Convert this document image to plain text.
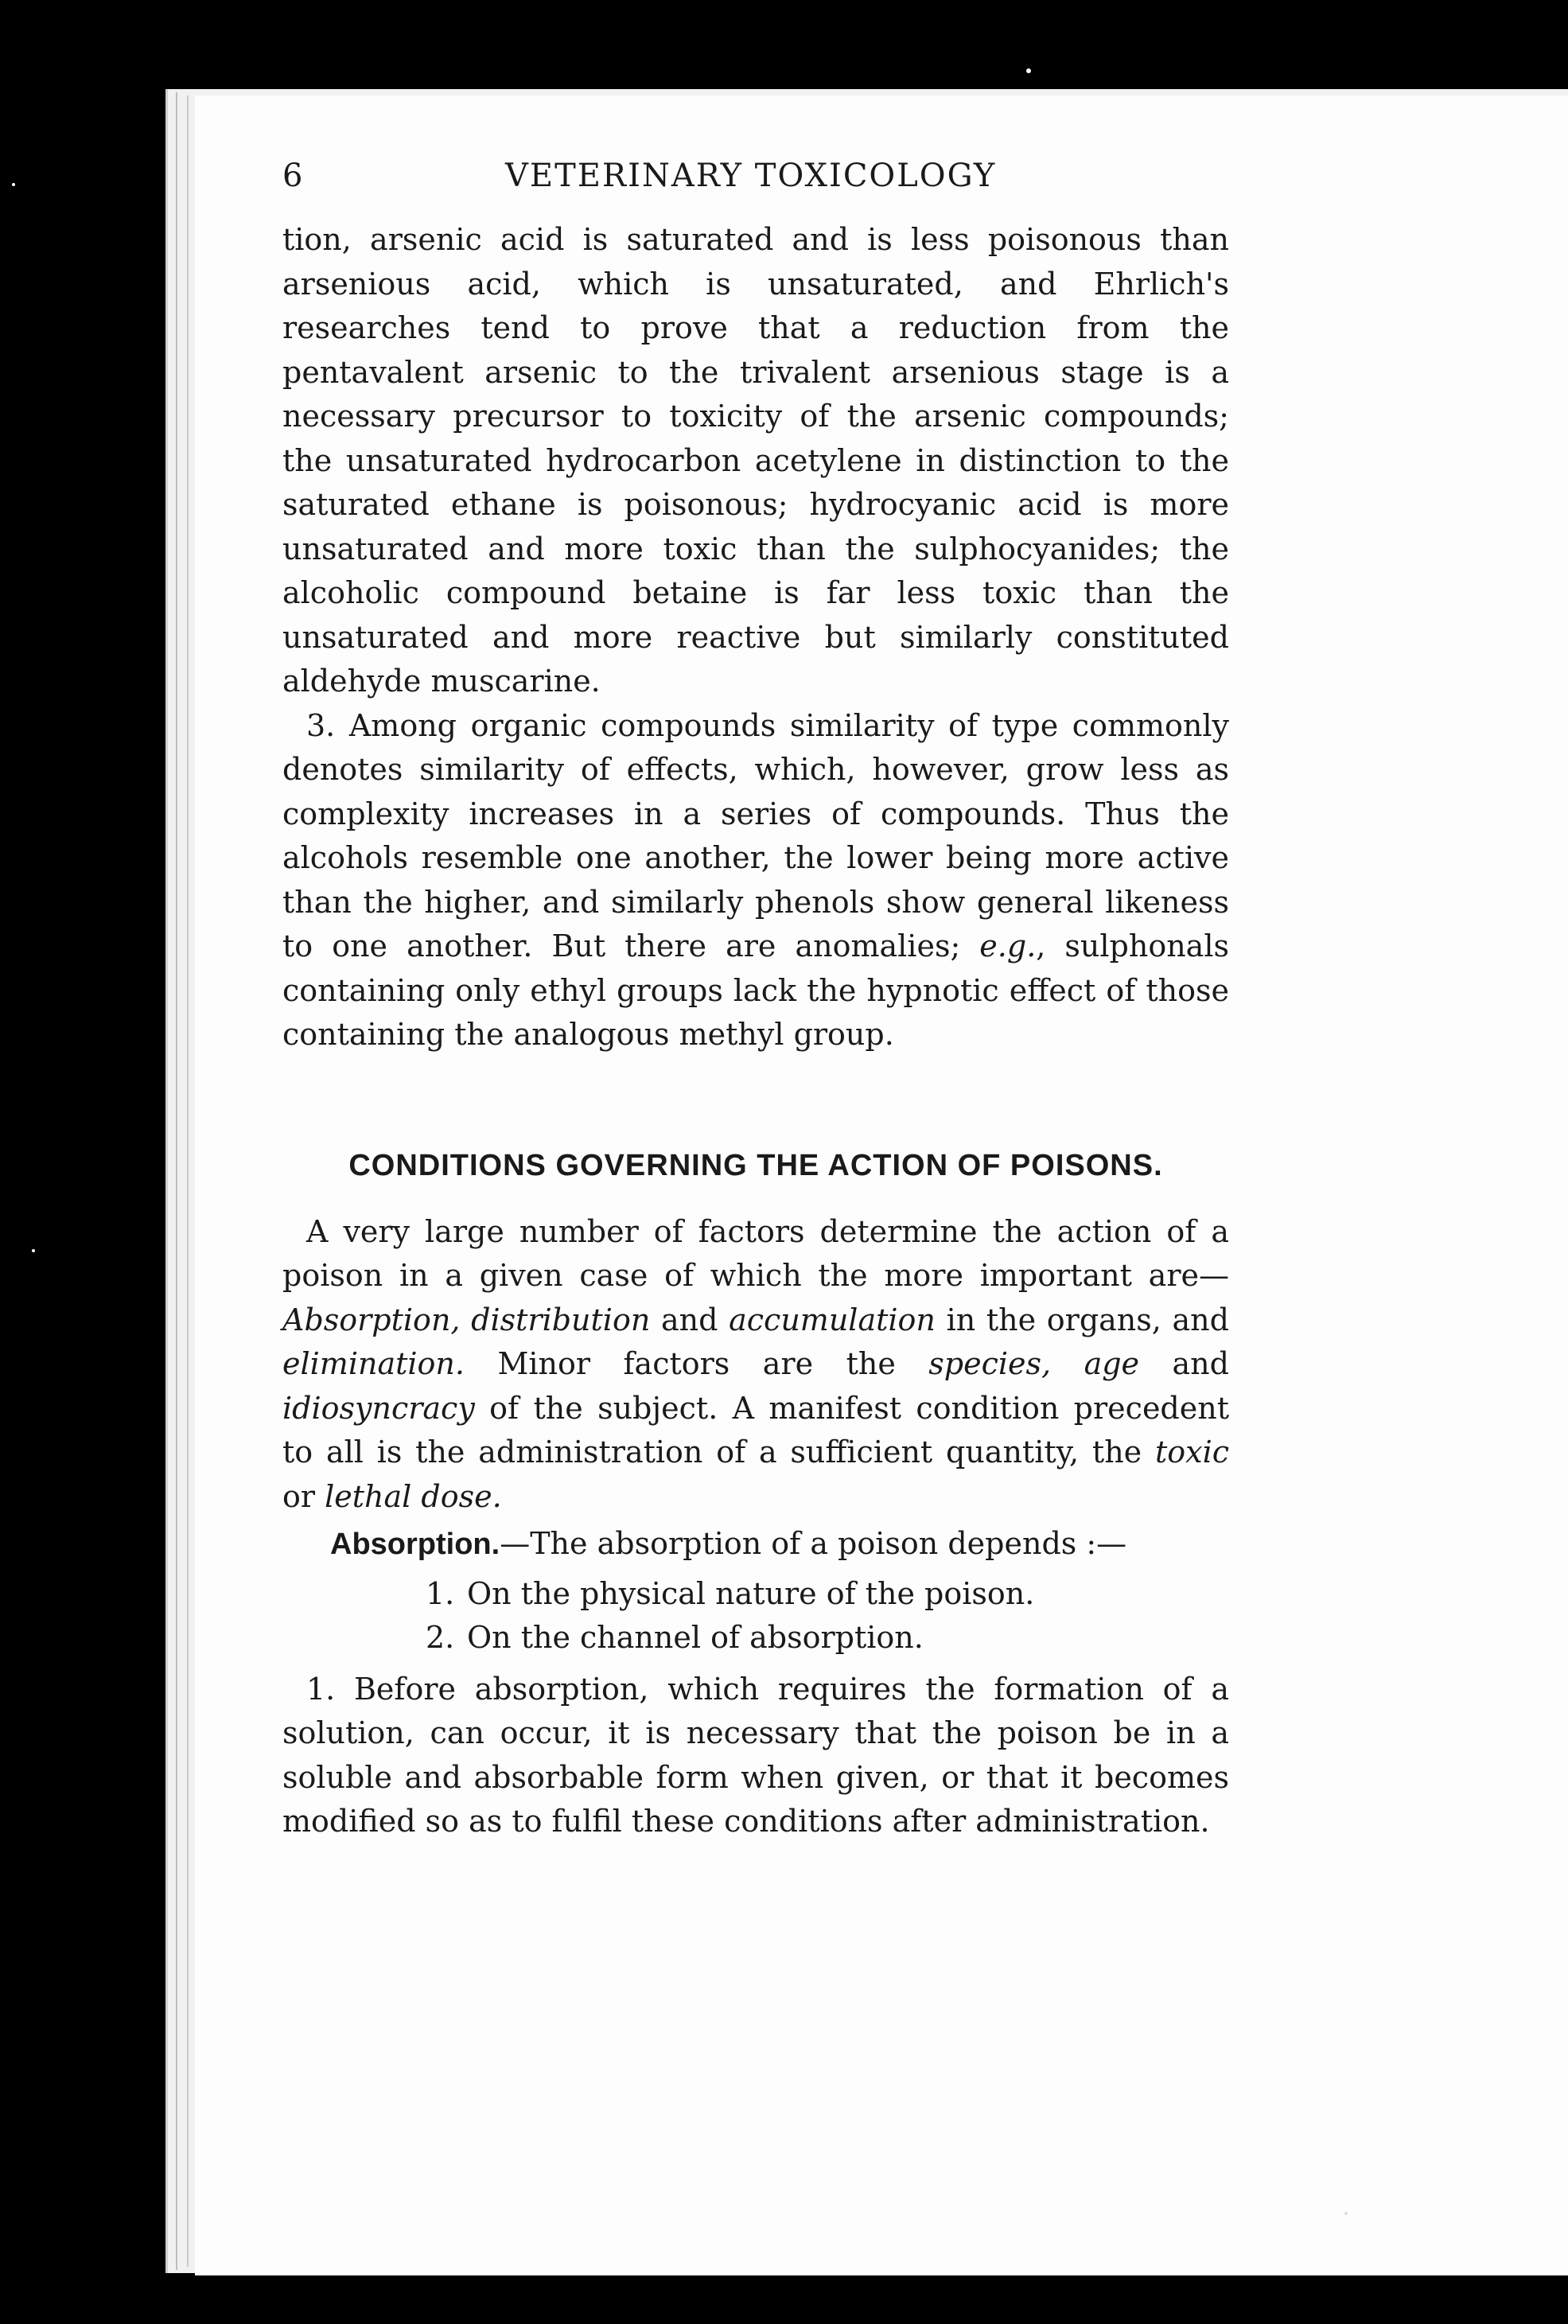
6	VETERINARY TOXICOLOGY

tion, arsenic acid is saturated and is less poisonous than arsenious acid, which is unsaturated, and Ehrlich's researches tend to prove that a reduction from the pentavalent arsenic to the trivalent arsenious stage is a necessary precursor to toxicity of the arsenic compounds; the unsaturated hydrocarbon acetylene in distinction to the saturated ethane is poisonous; hydrocyanic acid is more unsaturated and more toxic than the sulphocyanides; the alcoholic compound betaine is far less toxic than the unsaturated and more reactive but similarly constituted aldehyde muscarine.

3. Among organic compounds similarity of type commonly denotes similarity of effects, which, however, grow less as complexity increases in a series of compounds. Thus the alcohols resemble one another, the lower being more active than the higher, and similarly phenols show general likeness to one another. But there are anomalies; e.g., sulphonals containing only ethyl groups lack the hypnotic effect of those containing the analogous methyl group.

CONDITIONS GOVERNING THE ACTION OF POISONS.

A very large number of factors determine the action of a poison in a given case of which the more important are—Absorption, distribution and accumulation in the organs, and elimination. Minor factors are the species, age and idiosyncracy of the subject. A manifest condition precedent to all is the administration of a sufficient quantity, the toxic or lethal dose.

Absorption.—The absorption of a poison depends :—

1. On the physical nature of the poison.
2. On the channel of absorption.

1. Before absorption, which requires the formation of a solution, can occur, it is necessary that the poison be in a soluble and absorbable form when given, or that it becomes modified so as to fulfil these conditions after administration.
